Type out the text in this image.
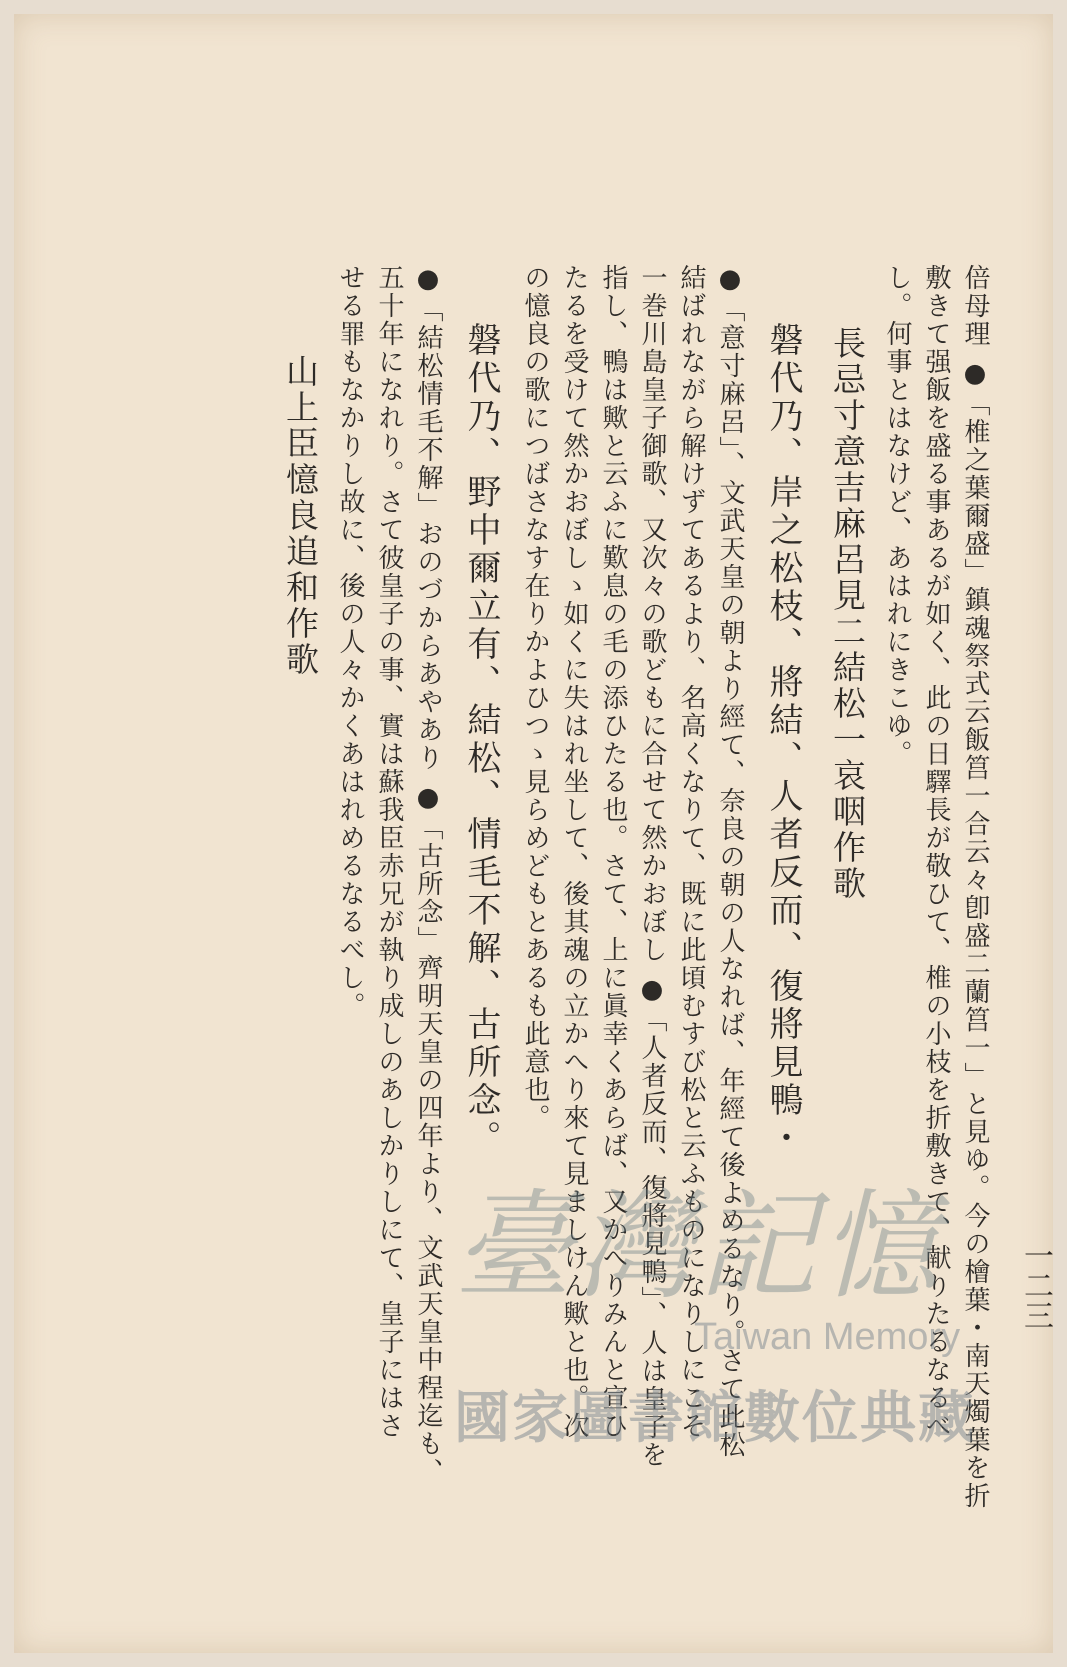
一二三

倍母理 ●「椎之葉爾盛」鎮魂祭式云飯筥一合云々卽盛二蘭筥一」と見ゆ。今の檜葉・南天燭葉を折

敷きて强飯を盛る事あるが如く、此の日驛長が敬ひて、椎の小枝を折敷きて、献りたるなるべ

し。何事とはなけど、あはれにきこゆ。

長忌寸意吉麻呂見二結松一哀咽作歌

磐代乃、岸之松枝、將結、人者反而、復將見鴨・

●「意寸麻呂」、文武天皇の朝より經て、奈良の朝の人なれば、年經て後よめるなり。さて此松

結ばれながら解けずてあるより、名高くなりて、既に此頃むすび松と云ふものになりしにこそ

一巻川島皇子御歌、又次々の歌どもに合せて然かおぼし ●「人者反而、復將見鴨」、人は皇子を

指し、鴨は歟と云ふに歎息の毛の添ひたる也。さて、上に眞幸くあらば、又かへりみんと宣ひ

たるを受けて然かおぼしゝ如くに失はれ坐して、後其魂の立かへり來て見ましけん歟と也。次

の憶良の歌につばさなす在りかよひつゝ見らめどもとあるも此意也。

磐代乃、野中爾立有、結松、情毛不解、古所念。

●「結松情毛不解」おのづからあやあり ●「古所念」齊明天皇の四年より、文武天皇中程迄も、

五十年になれり。さて彼皇子の事、實は蘇我臣赤兄が執り成しのあしかりしにて、皇子にはさ

せる罪もなかりし故に、後の人々かくあはれめるなるべし。

山上臣憶良追和作歌

臺灣記憶
Taiwan Memory
國家圖書館數位典藏
